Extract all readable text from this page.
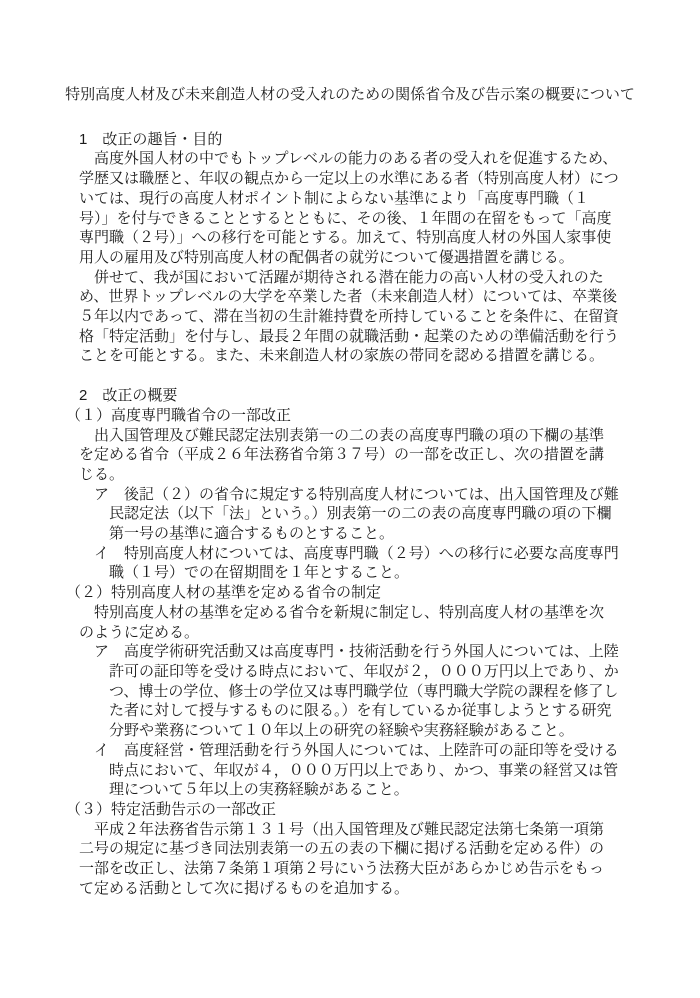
特別高度人材及び未来創造人材の受入れのための関係省令及び告示案の概要について
1　改正の趣旨・目的
高度外国人材の中でもトップレベルの能力のある者の受入れを促進するため、
学歴又は職歴と、年収の観点から一定以上の水準にある者（特別高度人材）につ
いては、現行の高度人材ポイント制によらない基準により「高度専門職（１
号）」を付与できることとするとともに、その後、１年間の在留をもって「高度
専門職（２号）」への移行を可能とする。加えて、特別高度人材の外国人家事使
用人の雇用及び特別高度人材の配偶者の就労について優遇措置を講じる。
併せて、我が国において活躍が期待される潜在能力の高い人材の受入れのた
め、世界トップレベルの大学を卒業した者（未来創造人材）については、卒業後
５年以内であって、滞在当初の生計維持費を所持していることを条件に、在留資
格「特定活動」を付与し、最長２年間の就職活動・起業のための準備活動を行う
ことを可能とする。また、未来創造人材の家族の帯同を認める措置を講じる。
2　改正の概要
（１）高度専門職省令の一部改正
出入国管理及び難民認定法別表第一の二の表の高度専門職の項の下欄の基準
を定める省令（平成２６年法務省令第３７号）の一部を改正し、次の措置を講
じる。
ア　後記（２）の省令に規定する特別高度人材については、出入国管理及び難
民認定法（以下「法」という。）別表第一の二の表の高度専門職の項の下欄
第一号の基準に適合するものとすること。
イ　特別高度人材については、高度専門職（２号）への移行に必要な高度専門
職（１号）での在留期間を１年とすること。
（２）特別高度人材の基準を定める省令の制定
特別高度人材の基準を定める省令を新規に制定し、特別高度人材の基準を次
のように定める。
ア　高度学術研究活動又は高度専門・技術活動を行う外国人については、上陸
許可の証印等を受ける時点において、年収が２，０００万円以上であり、か
つ、博士の学位、修士の学位又は専門職学位（専門職大学院の課程を修了し
た者に対して授与するものに限る。）を有しているか従事しようとする研究
分野や業務について１０年以上の研究の経験や実務経験があること。
イ　高度経営・管理活動を行う外国人については、上陸許可の証印等を受ける
時点において、年収が４，０００万円以上であり、かつ、事業の経営又は管
理について５年以上の実務経験があること。
（３）特定活動告示の一部改正
平成２年法務省告示第１３１号（出入国管理及び難民認定法第七条第一項第
二号の規定に基づき同法別表第一の五の表の下欄に掲げる活動を定める件）の
一部を改正し、法第７条第１項第２号にいう法務大臣があらかじめ告示をもっ
て定める活動として次に掲げるものを追加する。
